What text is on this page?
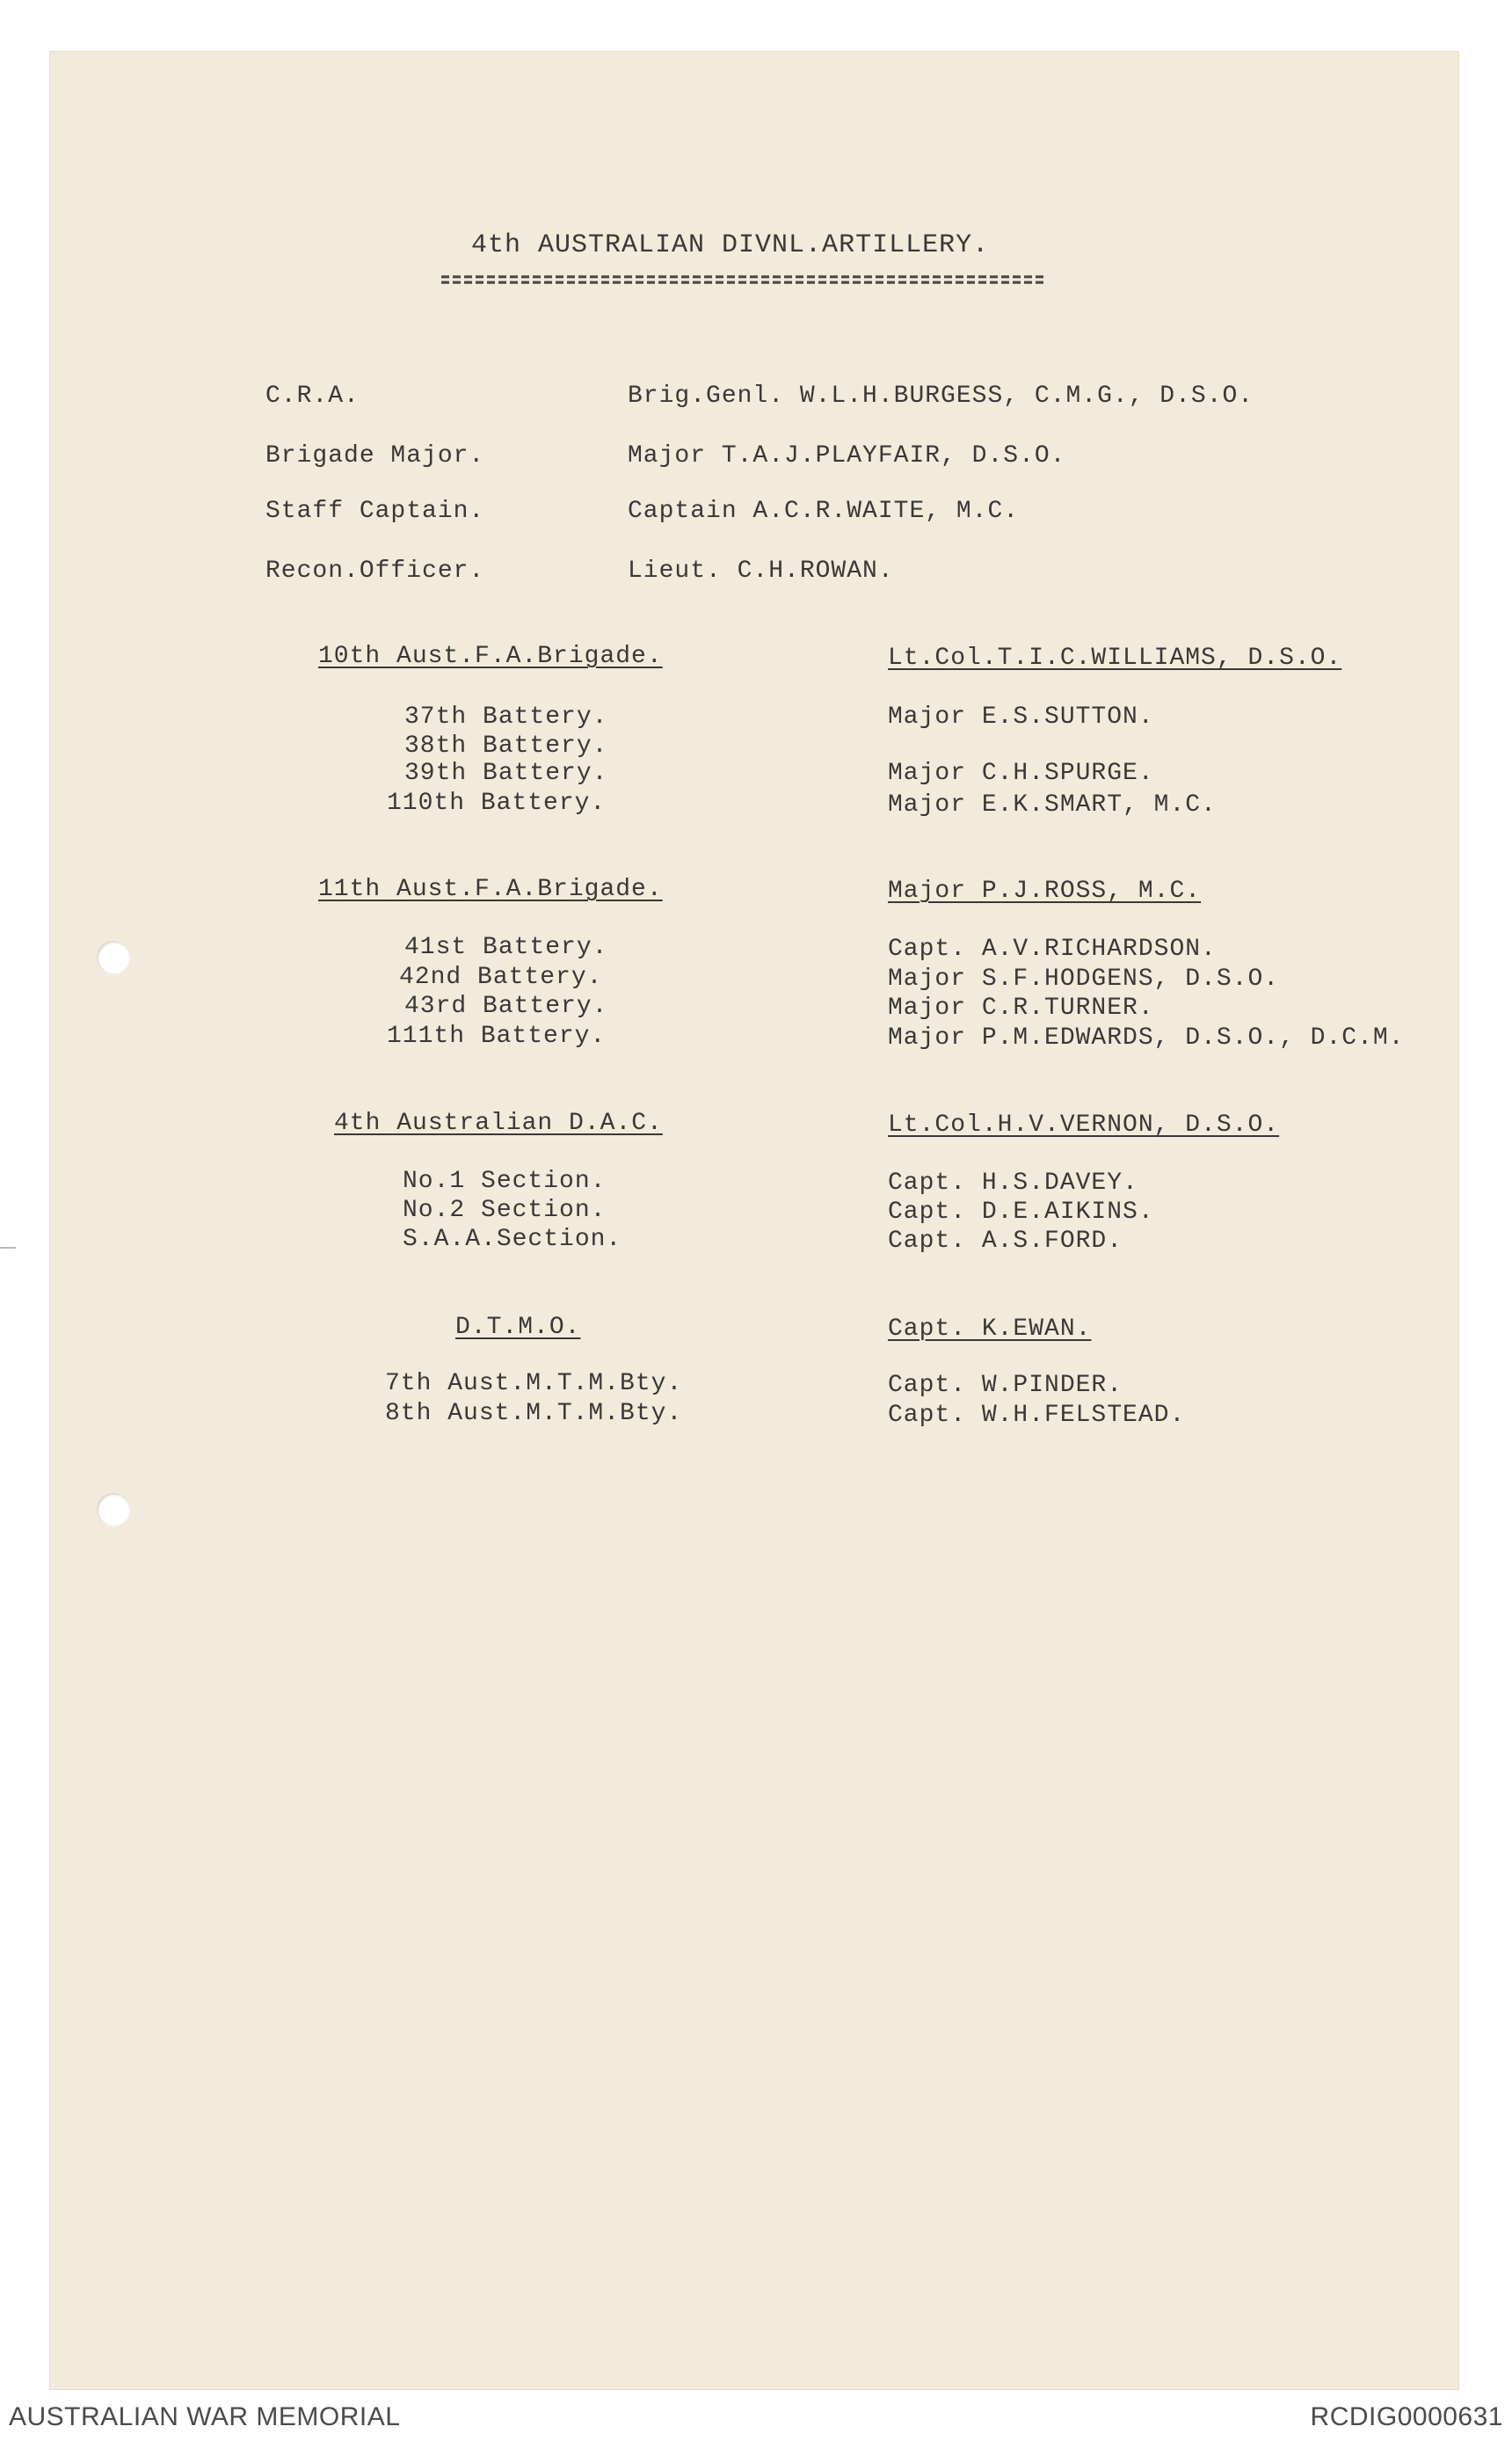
4th AUSTRALIAN DIVNL.ARTILLERY.
C.R.A.	Brig.Genl. W.L.H.BURGESS, C.M.G., D.S.O.
Brigade Major.	Major T.A.J.PLAYFAIR, D.S.O.
Staff Captain.	Captain A.C.R.WAITE, M.C.
Recon.Officer.	Lieut. C.H.ROWAN.
10th Aust.F.A.Brigade.	Lt.Col.T.I.C.WILLIAMS, D.S.O.
37th Battery.	Major E.S.SUTTON.
38th Battery.
39th Battery.	Major C.H.SPURGE.
110th Battery.	Major E.K.SMART, M.C.
11th Aust.F.A.Brigade.	Major P.J.ROSS, M.C.
41st Battery.	Capt. A.V.RICHARDSON.
42nd Battery.	Major S.F.HODGENS, D.S.O.
43rd Battery.	Major C.R.TURNER.
111th Battery.	Major P.M.EDWARDS, D.S.O., D.C.M.
4th Australian D.A.C.	Lt.Col.H.V.VERNON, D.S.O.
No.1 Section.	Capt. H.S.DAVEY.
No.2 Section.	Capt. D.E.AIKINS.
S.A.A.Section.	Capt. A.S.FORD.
D.T.M.O.	Capt. K.EWAN.
7th Aust.M.T.M.Bty.	Capt. W.PINDER.
8th Aust.M.T.M.Bty.	Capt. W.H.FELSTEAD.
AUSTRALIAN WAR MEMORIAL	RCDIG0000631
